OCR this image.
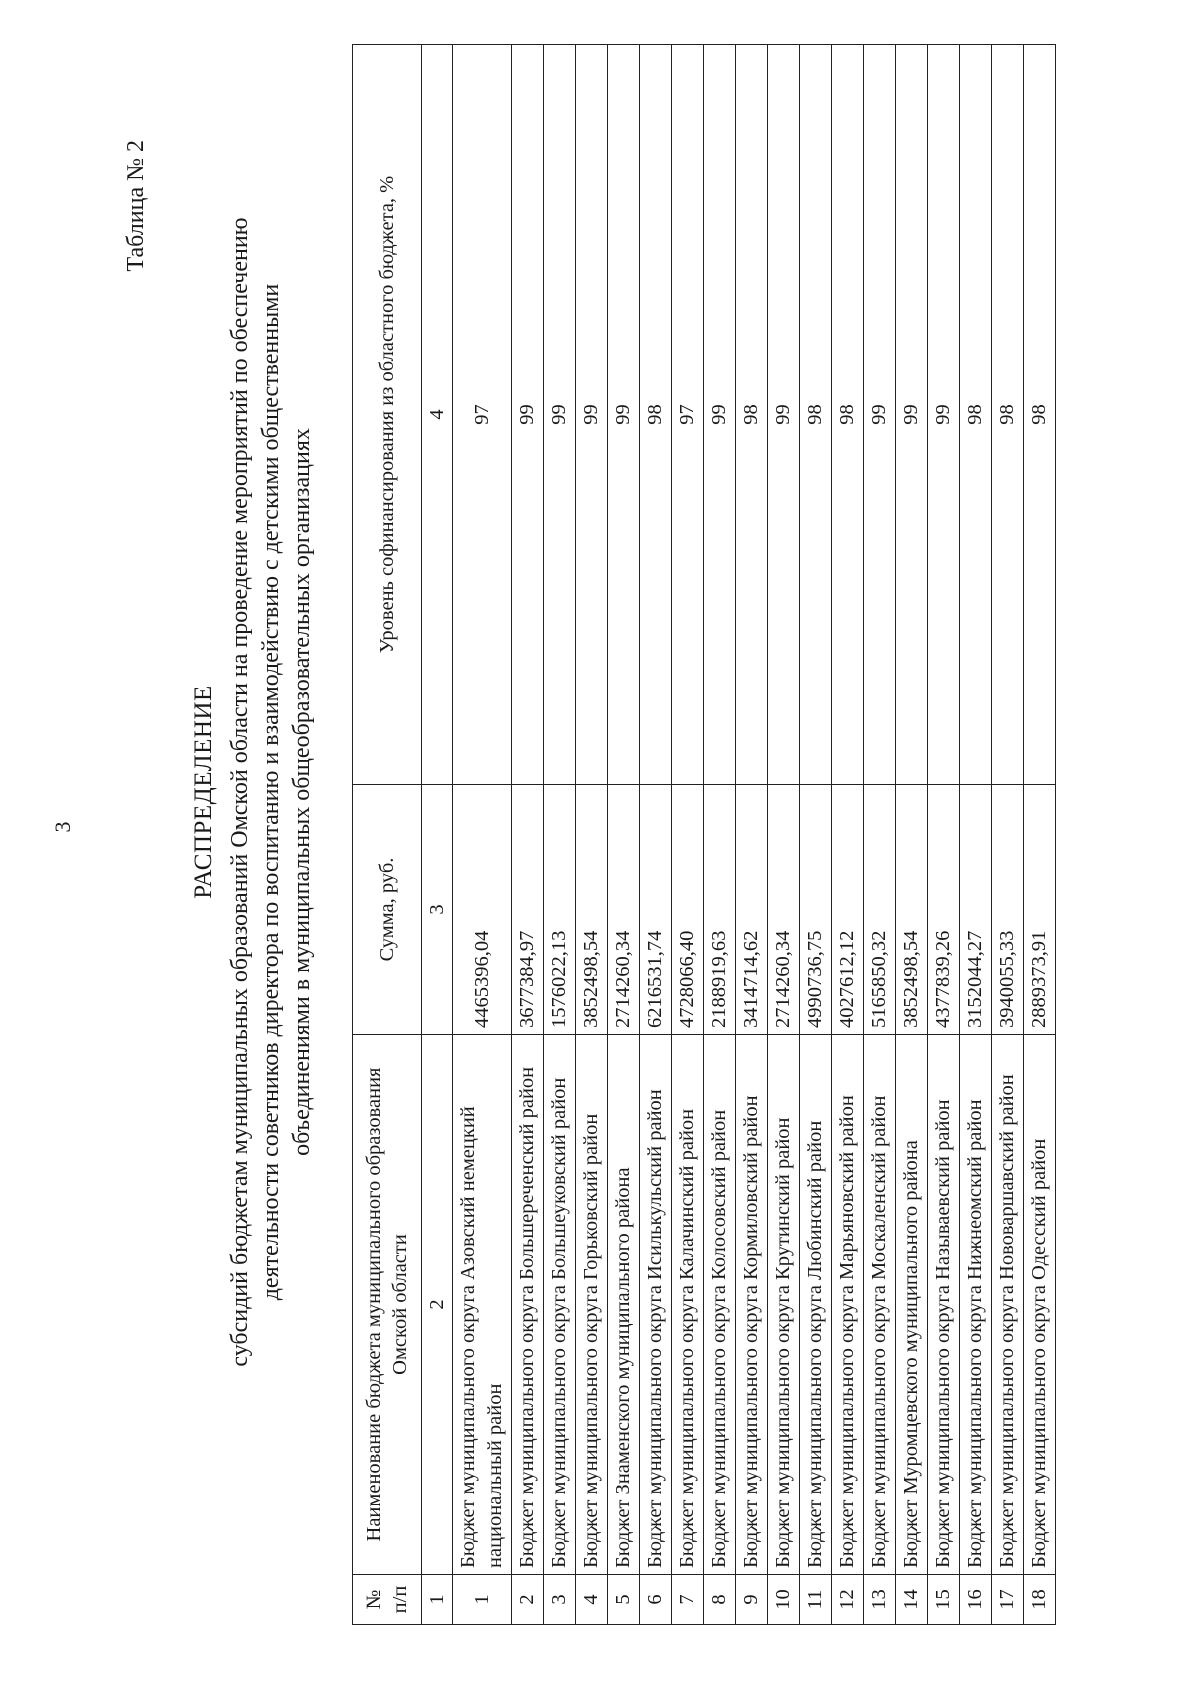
3
Таблица № 2
РАСПРЕДЕЛЕНИЕ субсидий бюджетам муниципальных образований Омской области на проведение мероприятий по обеспечению деятельности советников директора по воспитанию и взаимодействию с детскими общественными объединениями в муниципальных общеобразовательных организациях
№ п/п	Наименование бюджета муниципального образования Омской области	Сумма, руб.	Уровень софинансирования из областного бюджета, %
1	2	3	4
1	Бюджет муниципального округа Азовский немецкий национальный район	4465396,04	97
2	Бюджет муниципального округа Большереченский район	3677384,97	99
3	Бюджет муниципального округа Большеуковский район	1576022,13	99
4	Бюджет муниципального округа Горьковский район	3852498,54	99
5	Бюджет Знаменского муниципального района	2714260,34	99
6	Бюджет муниципального округа Исилькульский район	6216531,74	98
7	Бюджет муниципального округа Калачинский район	4728066,40	97
8	Бюджет муниципального округа Колосовский район	2188919,63	99
9	Бюджет муниципального округа Кормиловский район	3414714,62	98
10	Бюджет муниципального округа Крутинский район	2714260,34	99
11	Бюджет муниципального округа Любинский район	4990736,75	98
12	Бюджет муниципального округа Марьяновский район	4027612,12	98
13	Бюджет муниципального округа Москаленский район	5165850,32	99
14	Бюджет Муромцевского муниципального района	3852498,54	99
15	Бюджет муниципального округа Называевский район	4377839,26	99
16	Бюджет муниципального округа Нижнеомский район	3152044,27	98
17	Бюджет муниципального округа Нововаршавский район	3940055,33	98
18	Бюджет муниципального округа Одесский район	2889373,91	98
